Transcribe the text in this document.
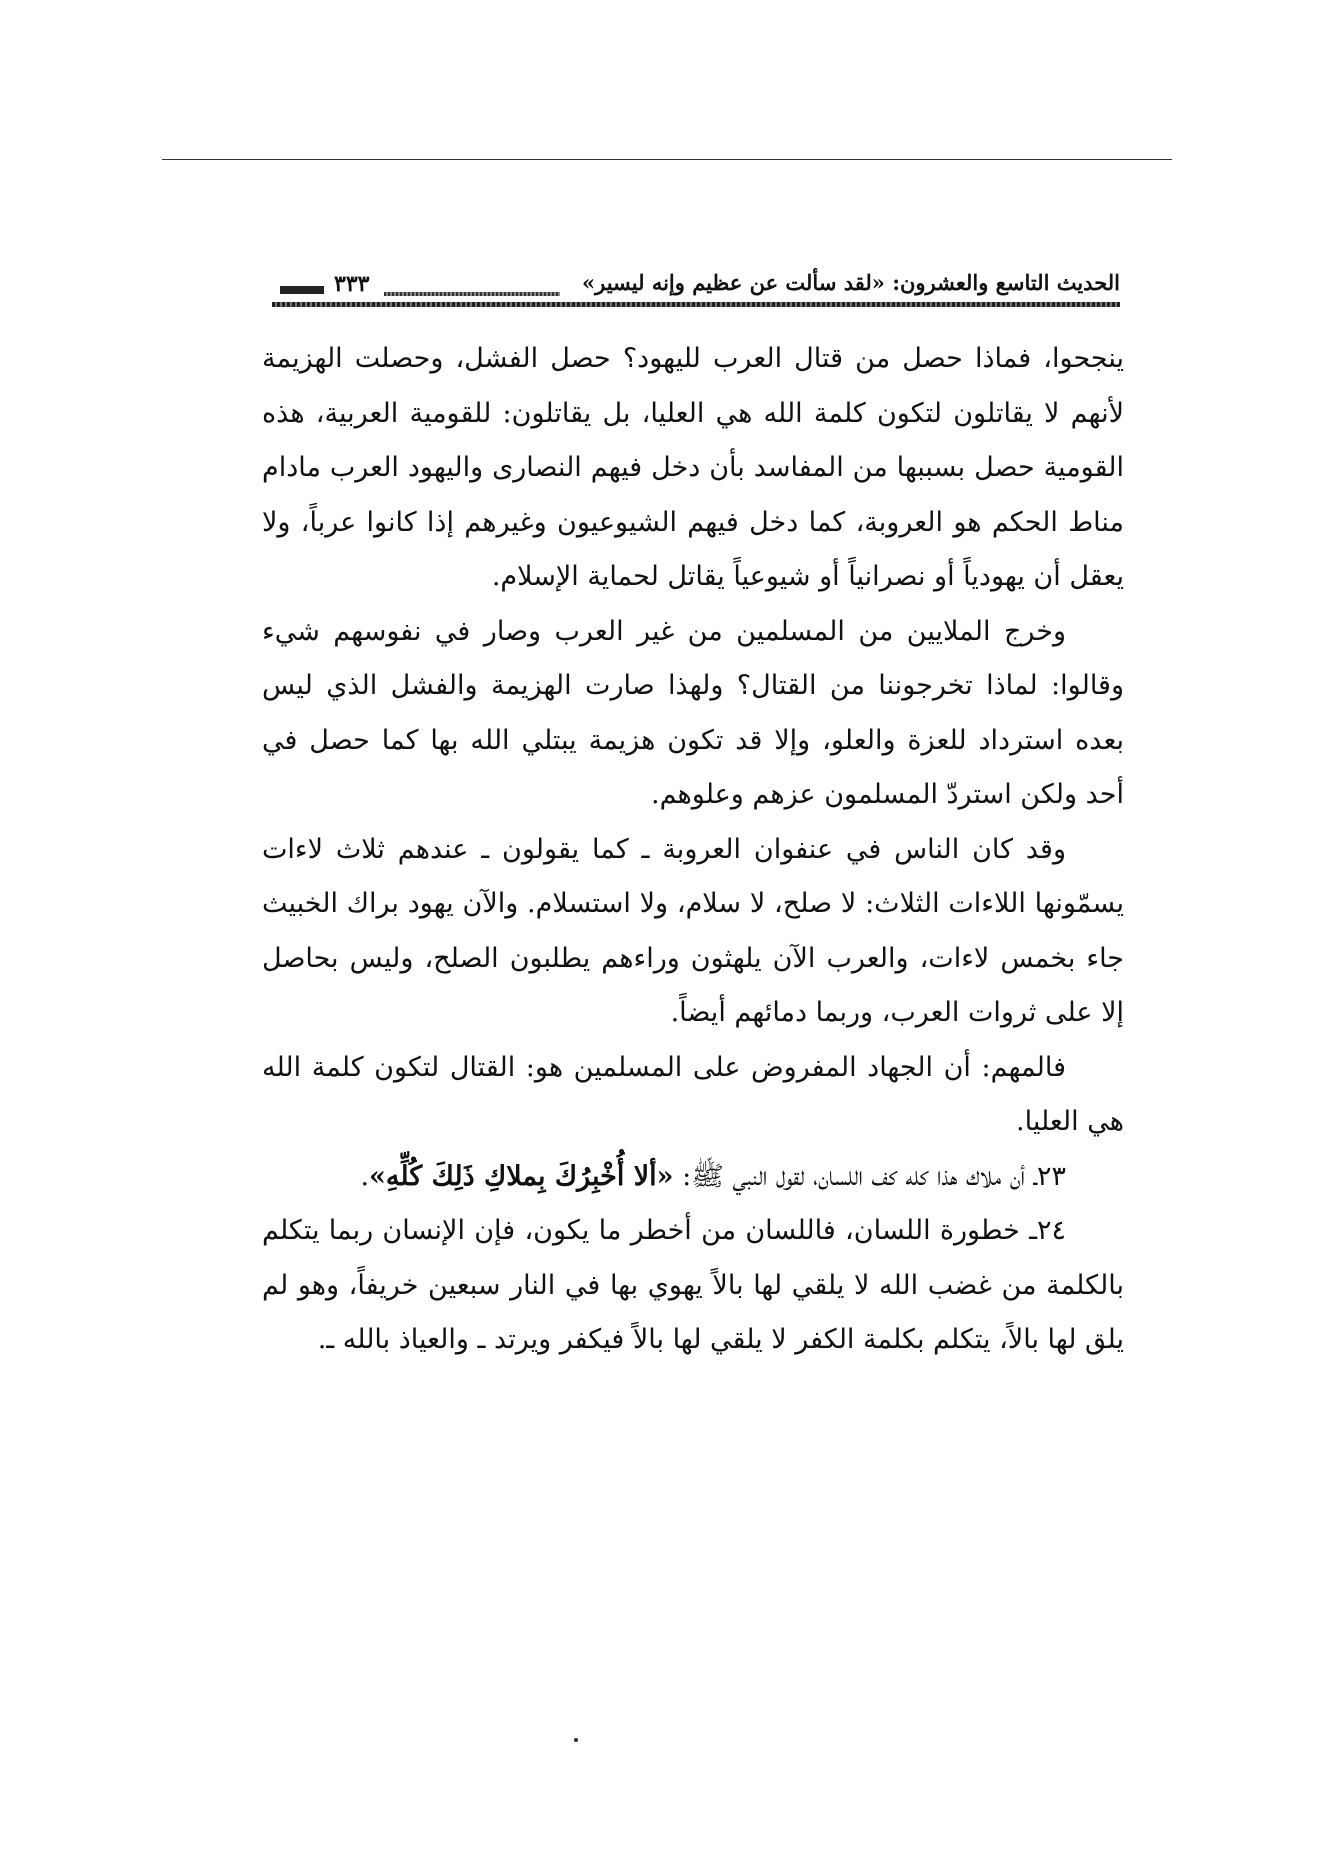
الحديث التاسع والعشرون: «لقد سألت عن عظيم وإنه ليسير»
٣٣٣

ينجحوا، فماذا حصل من قتال العرب لليهود؟ حصل الفشل، وحصلت الهزيمة لأنهم لا يقاتلون لتكون كلمة الله هي العليا، بل يقاتلون: للقومية العربية، هذه القومية حصل بسببها من المفاسد بأن دخل فيهم النصارى واليهود العرب مادام مناط الحكم هو العروبة، كما دخل فيهم الشيوعيون وغيرهم إذا كانوا عرباً، ولا يعقل أن يهودياً أو نصرانياً أو شيوعياً يقاتل لحماية الإسلام.

وخرج الملايين من المسلمين من غير العرب وصار في نفوسهم شيء وقالوا: لماذا تخرجوننا من القتال؟ ولهذا صارت الهزيمة والفشل الذي ليس بعده استرداد للعزة والعلو، وإلا قد تكون هزيمة يبتلي الله بها كما حصل في أحد ولكن استردّ المسلمون عزهم وعلوهم.

وقد كان الناس في عنفوان العروبة ـ كما يقولون ـ عندهم ثلاث لاءات يسمّونها اللاءات الثلاث: لا صلح، لا سلام، ولا استسلام. والآن يهود براك الخبيث جاء بخمس لاءات، والعرب الآن يلهثون وراءهم يطلبون الصلح، وليس بحاصل إلا على ثروات العرب، وربما دمائهم أيضاً.

فالمهم: أن الجهاد المفروض على المسلمين هو: القتال لتكون كلمة الله هي العليا.

٢٣ـ أن ملاك هذا كله كف اللسان، لقول النبي ﷺ: «ألا أُخْبِرُكَ بِملاكِ ذَلِكَ كُلِّهِ».

٢٤ـ خطورة اللسان، فاللسان من أخطر ما يكون، فإن الإنسان ربما يتكلم بالكلمة من غضب الله لا يلقي لها بالاً يهوي بها في النار سبعين خريفاً، وهو لم يلق لها بالاً، يتكلم بكلمة الكفر لا يلقي لها بالاً فيكفر ويرتد ـ والعياذ بالله ـ.
